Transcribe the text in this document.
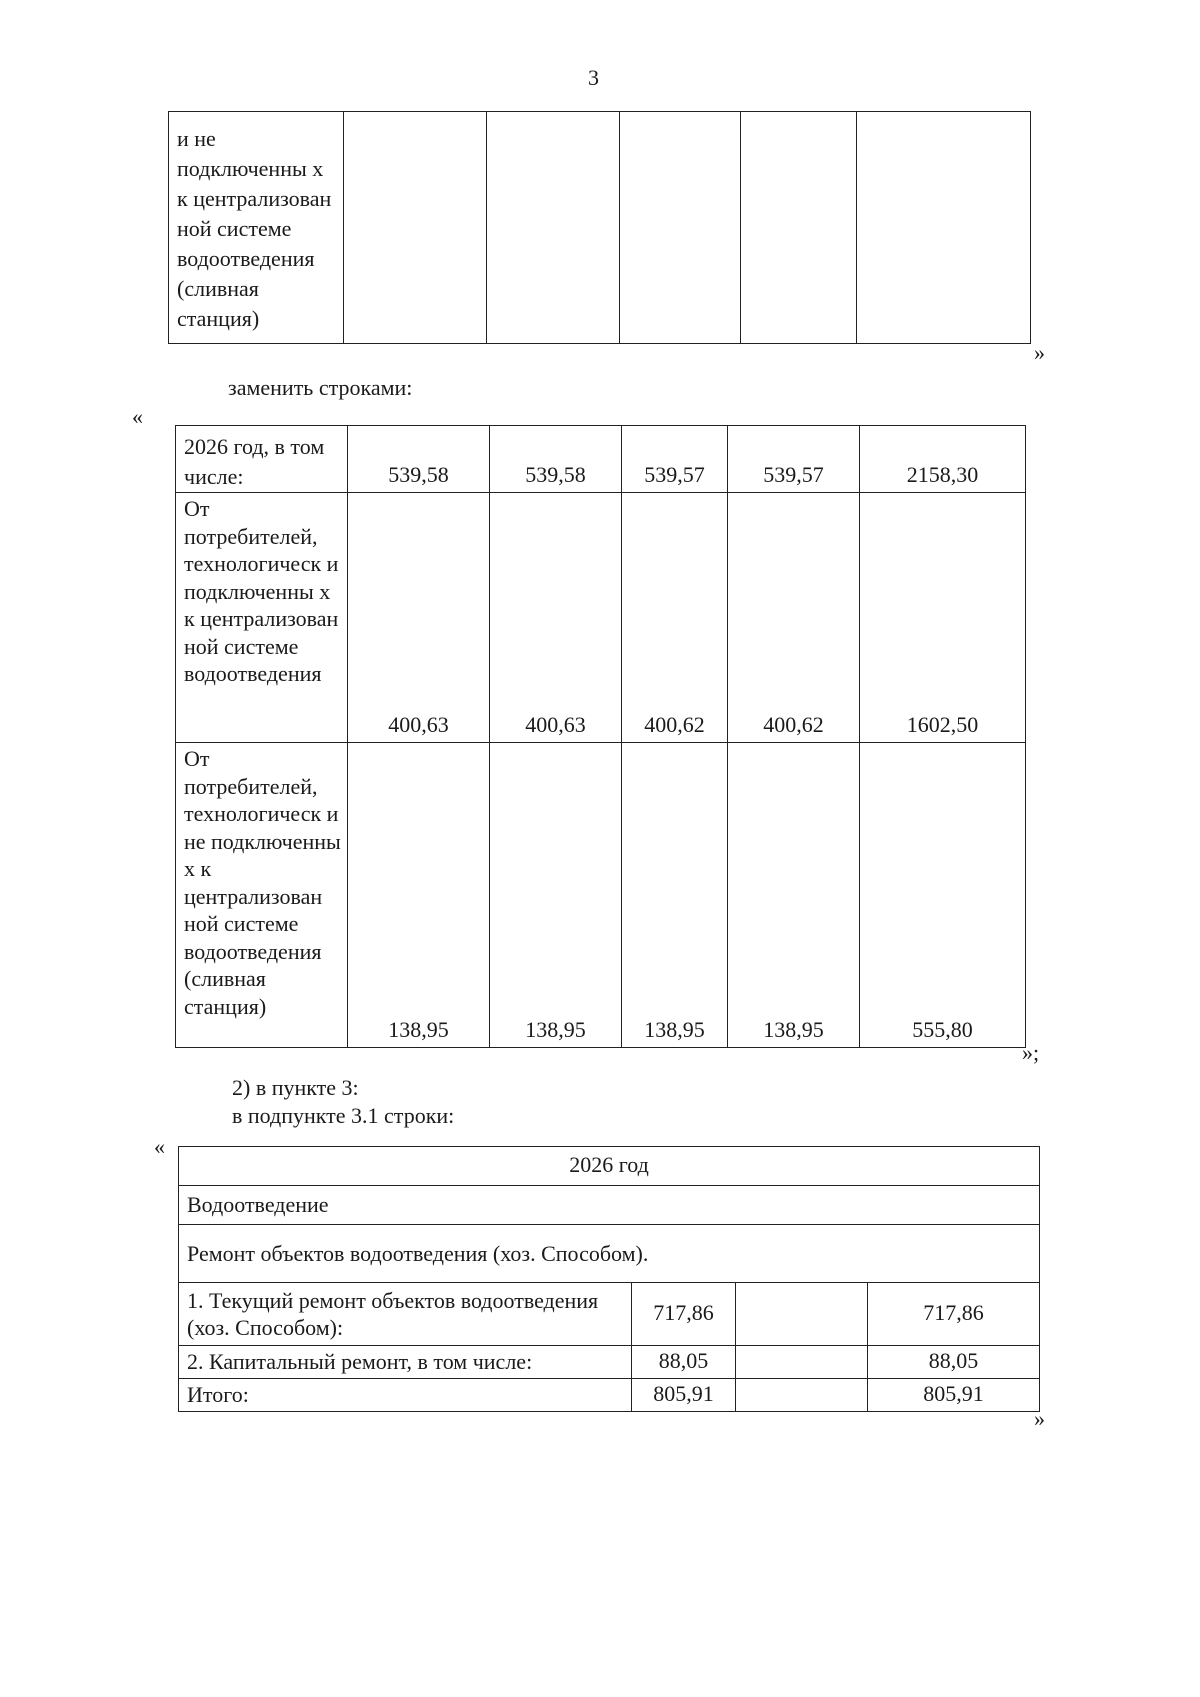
3
и не подключенны х к централизован ной системе водоотведения (сливная станция)					
»
заменить строками:
«
2026 год, в том числе:	539,58	539,58	539,57	539,57	2158,30
От потребителей, технологическ и подключенны х к централизован ной системе водоотведения	400,63	400,63	400,62	400,62	1602,50
От потребителей, технологическ и не подключенны х к централизован ной системе водоотведения (сливная станция)	138,95	138,95	138,95	138,95	555,80
»;
2) в пункте 3:
в подпункте 3.1 строки:
«
2026 год			
Водоотведение			
Ремонт объектов водоотведения (хоз. Способом).			
1. Текущий ремонт объектов водоотведения (хоз. Способом):	717,86		717,86
2. Капитальный ремонт, в том числе:	88,05		88,05
Итого:	805,91		805,91
»
